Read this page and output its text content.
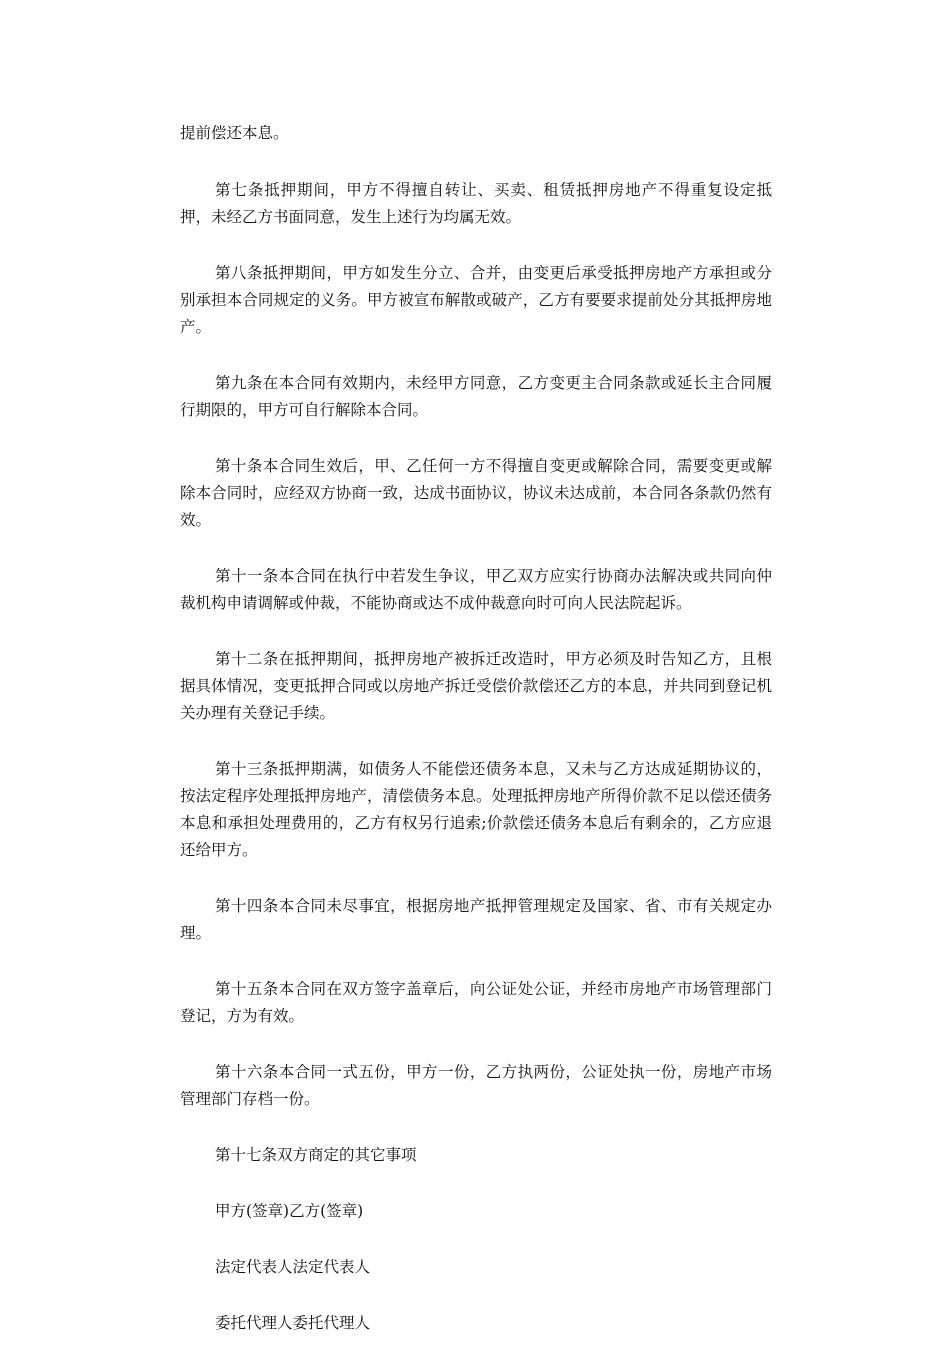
提前偿还本息。

第七条抵押期间，甲方不得擅自转让、买卖、租赁抵押房地产不得重复设定抵押，未经乙方书面同意，发生上述行为均属无效。

第八条抵押期间，甲方如发生分立、合并，由变更后承受抵押房地产方承担或分别承担本合同规定的义务。甲方被宣布解散或破产，乙方有要要求提前处分其抵押房地产。

第九条在本合同有效期内，未经甲方同意，乙方变更主合同条款或延长主合同履行期限的，甲方可自行解除本合同。

第十条本合同生效后，甲、乙任何一方不得擅自变更或解除合同，需要变更或解除本合同时，应经双方协商一致，达成书面协议，协议未达成前，本合同各条款仍然有效。

第十一条本合同在执行中若发生争议，甲乙双方应实行协商办法解决或共同向仲裁机构申请调解或仲裁，不能协商或达不成仲裁意向时可向人民法院起诉。

第十二条在抵押期间，抵押房地产被拆迁改造时，甲方必须及时告知乙方，且根据具体情况，变更抵押合同或以房地产拆迁受偿价款偿还乙方的本息，并共同到登记机关办理有关登记手续。

第十三条抵押期满，如债务人不能偿还债务本息，又未与乙方达成延期协议的，按法定程序处理抵押房地产，清偿债务本息。处理抵押房地产所得价款不足以偿还债务本息和承担处理费用的，乙方有权另行追索;价款偿还债务本息后有剩余的，乙方应退还给甲方。

第十四条本合同未尽事宜，根据房地产抵押管理规定及国家、省、市有关规定办理。

第十五条本合同在双方签字盖章后，向公证处公证，并经市房地产市场管理部门登记，方为有效。

第十六条本合同一式五份，甲方一份，乙方执两份，公证处执一份，房地产市场管理部门存档一份。

第十七条双方商定的其它事项

甲方(签章)乙方(签章)

法定代表人法定代表人

委托代理人委托代理人
